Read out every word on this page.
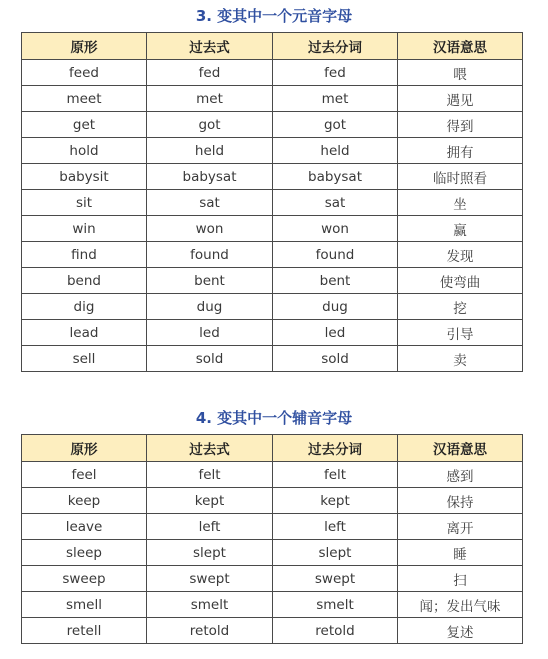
3. 变其中一个元音字母
原形	过去式	过去分词	汉语意思
feed	fed	fed	喂
meet	met	met	遇见
get	got	got	得到
hold	held	held	拥有
babysit	babysat	babysat	临时照看
sit	sat	sat	坐
win	won	won	赢
find	found	found	发现
bend	bent	bent	使弯曲
dig	dug	dug	挖
lead	led	led	引导
sell	sold	sold	卖
4. 变其中一个辅音字母
原形	过去式	过去分词	汉语意思
feel	felt	felt	感到
keep	kept	kept	保持
leave	left	left	离开
sleep	slept	slept	睡
sweep	swept	swept	扫
smell	smelt	smelt	闻；发出气味
retell	retold	retold	复述
